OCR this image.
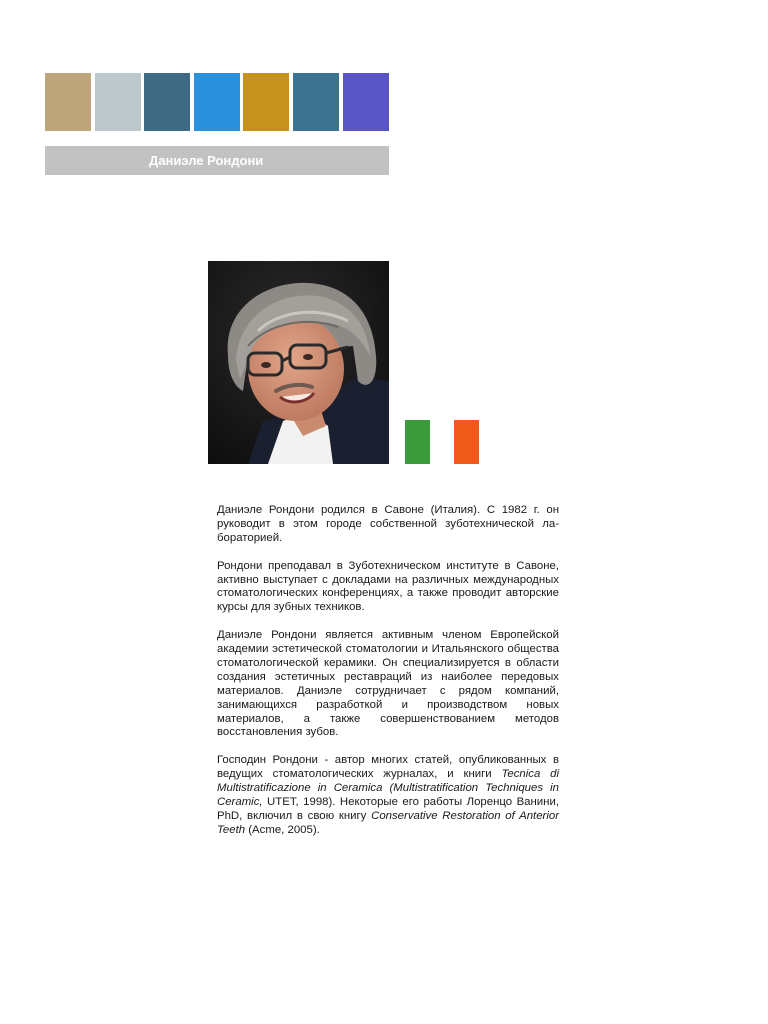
Даниэле Рондони

Даниэле Рондони родился в Савоне (Италия). С 1982 г. он руководит в этом городе собственной зуботехнической лабораторией.

Рондони преподавал в Зуботехническом институте в Савоне, активно выступает с докладами на различных международных стоматологических конференциях, а также проводит авторские курсы для зубных техников.

Даниэле Рондони является активным членом Европейской академии эстетической стоматологии и Итальянского общества стоматологической керамики. Он специализируется в области создания эстетичных реставраций из наиболее передовых материалов. Даниэле сотрудничает с рядом компаний, занимающихся разработкой и производством новых материалов, а также совершенствованием методов восстановления зубов.

Господин Рондони - автор многих статей, опубликованных в ведущих стоматологических журналах, и книги Tecnica di Multistratificazione in Ceramica (Multistratification Techniques in Ceramic, UTET, 1998). Некоторые его работы Лоренцо Ванини, PhD, включил в свою книгу Conservative Restoration of Anterior Teeth (Acme, 2005).
